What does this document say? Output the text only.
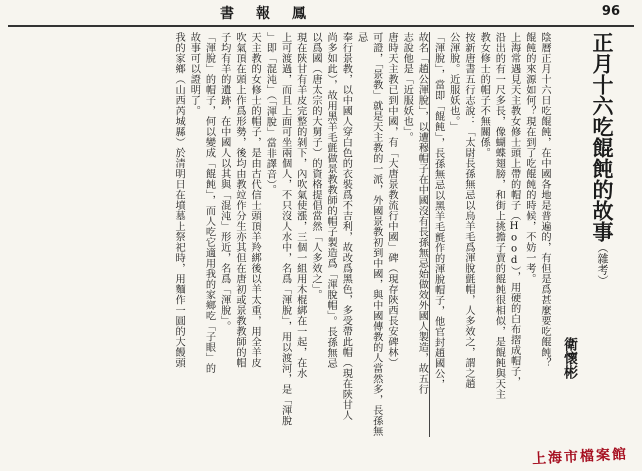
書　報　鳳	96
正月十六吃餛飩的故事（雜考）
衛懷彬

陰曆正月十六日吃餛飩，在中國各地是普遍的，有但是爲甚麼要吃餛飩？

餛飩的來源如何？現在到了吃餛飩的時候，不妨一考。

上海常遇見天主教女修士頭上帶的帽子（Hood），用硬的白布摺成帽子，

沿出的有一尺多長，像蝴蝶翅膀，和街上挑擔子賣的餛飩很相似，是餛飩與天主

教女修士的帽子不無關係。

按新唐書五行志說：「太尉長孫無忌以烏羊毛爲渾脫氈帽，人多效之，謂之趙

公渾脫。近服妖也。」

「渾脫」，當即「餛飩」，長孫無忌以黑羊毛氈作的渾脫帽子，他官封趙國公，

故名「趙公渾脫」，以遭穆帽子在中國沒有長孫無忌始做效外國人製造，故五行

志說他是「近服妖也」。

唐時天主教已到中國，有「大唐景教流行中國」碑（現存陝西長安碑林）

可證，「景教」就是天主教的一派，外國景教初到中國，與中國傳教的人當然多，長孫無忌

奉行景教，以中國人穿白色的衣裝爲不吉利，故改爲黑色，多受帶此帽（現在陝甘人

尚多如此），故用黑羊毛氈做景教教師的帽子製造爲「渾脫帽」。長孫無忌

以爲國（唐太宗的大舅子）的資格提倡當然「人多效之」。

現在陝甘有羊皮完整的剝下，內吹氣使漲，三個一組用木棍綁在一起，在水

上可渡過，而且上面可坐兩個人，不只沒人水中，名爲「渾脫」，用以渡河，是「渾脫

」即「混沌」（「渾脫」當非譯音）。

天主教的女修士的帽子，是由古代信士頭頂羊羚綁後以羊太重，用全羊皮

吹氣頂在頭上作爲形勢，後均由教竝作分生亦其但在唐初或景教教師的帽

子均有羊的遺跡，在中國人以其與「混沌」形近，名爲「渾脫」。

「渾脫」的帽子，何以變成「餛飩」，而人吃它適用我的家鄉吃「子眼」的

故事可以證明了。

我的家鄉（山西芮城縣）於清明日在墳墓上祭祀時，用麵作一圓的大饅頭

上海市檔案館
